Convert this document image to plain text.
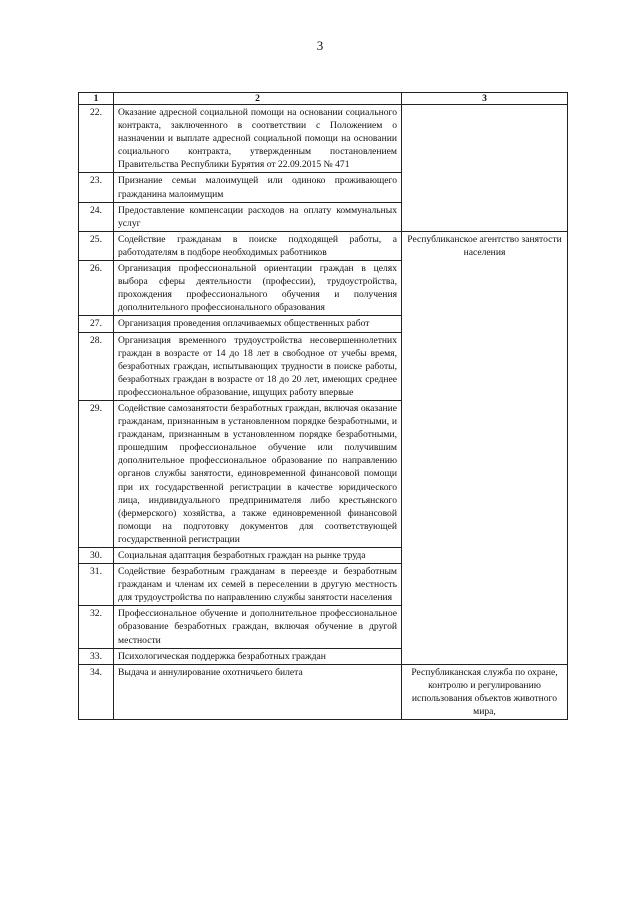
3
1	2	3
22.	Оказание адресной социальной помощи на основании социального контракта, заключенного в соответствии с Положением о назначении и выплате адресной социальной помощи на основании социального контракта, утвержденным постановлением Правительства Республики Бурятия от 22.09.2015 № 471	
23.	Признание семьи малоимущей или одиноко проживающего гражданина малоимущим	
24.	Предоставление компенсации расходов на оплату коммунальных услуг	
25.	Содействие гражданам в поиске подходящей работы, а работодателям в подборе необходимых работников	Республиканское агентство занятости населения
26.	Организация профессиональной ориентации граждан в целях выбора сферы деятельности (профессии), трудоустройства, прохождения профессионального обучения и получения дополнительного профессионального образования	
27.	Организация проведения оплачиваемых общественных работ	
28.	Организация временного трудоустройства несовершеннолетних граждан в возрасте от 14 до 18 лет в свободное от учебы время, безработных граждан, испытывающих трудности в поиске работы, безработных граждан в возрасте от 18 до 20 лет, имеющих среднее профессиональное образование, ищущих работу впервые	
29.	Содействие самозанятости безработных граждан, включая оказание гражданам, признанным в установленном порядке безработными, и гражданам, признанным в установленном порядке безработными, прошедшим профессиональное обучение или получившим дополнительное профессиональное образование по направлению органов службы занятости, единовременной финансовой помощи при их государственной регистрации в качестве юридического лица, индивидуального предпринимателя либо крестьянского (фермерского) хозяйства, а также единовременной финансовой помощи на подготовку документов для соответствующей государственной регистрации	
30.	Социальная адаптация безработных граждан на рынке труда	
31.	Содействие безработным гражданам в переезде и безработным гражданам и членам их семей в переселении в другую местность для трудоустройства по направлению службы занятости населения	
32.	Профессиональное обучение и дополнительное профессиональное образование безработных граждан, включая обучение в другой местности	
33.	Психологическая поддержка безработных граждан	
34.	Выдача и аннулирование охотничьего билета	Республиканская служба по охране, контролю и регулированию использования объектов животного мира,
